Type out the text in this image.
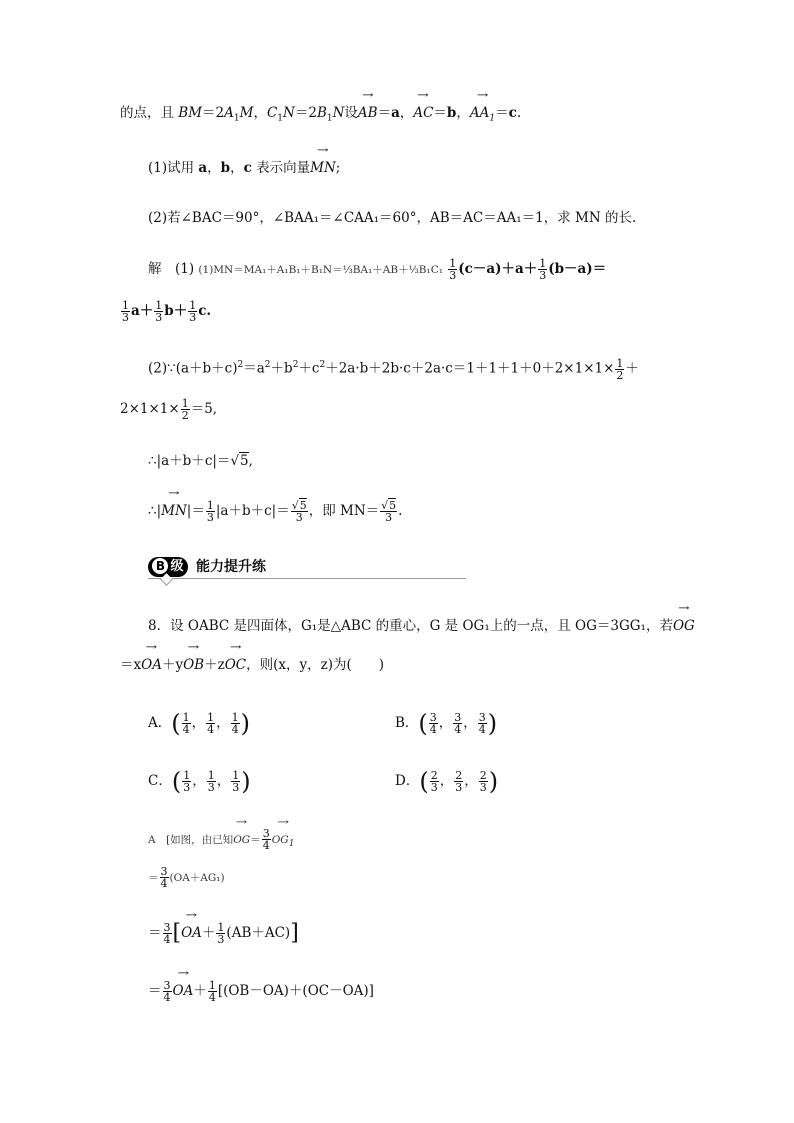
的点，且 $BM=2A_1M$，$C_1N=2B_1N$设→ AB＝a，→ AC＝b，→ $AA_1=c$.
(1)试用 a，b，c 表示向量→ MN;
(2)若∠BAC＝90°，∠BAA₁＝∠CAA₁＝60°，AB＝AC＝AA₁＝1，求 MN 的长.
解　(1) (1)MN＝MA₁＋A₁B₁＋B₁N＝⅓BA₁＋AB＋⅓B₁C₁ $\frac{1}{3} (c-a)+a+ \frac{1}{3} (b-a)=$
$\frac{1}{3} a+ \frac{1}{3} b+ \frac{1}{3} c$.
$(2)\because(a+b+c)^2=a^2+b^2+c^2+2a\cdot b+2b\cdot c+2a\cdot c=1+1+1+0+2\times 1\times 1\times \frac{1}{2}$ ＋
$2\times 1\times 1\times \frac{1}{2} =5$,
∴|a＋b＋c|＝√5,
∴|→ $MN|= \frac{1}{3} |a+b+c|= \frac{√5}{3}$ ，即 $MN= \frac{√5}{3}$ .
B 级 能力提升练
8．设 OABC 是四面体，G₁是△ABC 的重心，G 是 OG₁上的一点，且 OG＝3GG₁，若→ OG
＝x→ OA＋y→ OB＋z→ OC，则(x，y，z)为(　　)
A．( $\frac{1}{4}$ ， $\frac{1}{4}$ ， $\frac{1}{4}$ )	B．( $\frac{3}{4}$ ， $\frac{3}{4}$ ， $\frac{3}{4}$ )
C．( $\frac{1}{3}$ ， $\frac{1}{3}$ ， $\frac{1}{3}$ )	D．( $\frac{2}{3}$ ， $\frac{2}{3}$ ， $\frac{2}{3}$ )
A　[如图，由已知→ $OG= \frac{3}{4}$
→ $OG_1$
＝ $\frac{3}{4} (OA+AG_1)$
＝ $\frac{3}{4}$ [→ $OA+ \frac{1}{3} (AB+AC)$]
＝ $\frac{3}{4}$
→ $OA+ \frac{1}{4} [(OB-OA)+(OC-OA)]$
